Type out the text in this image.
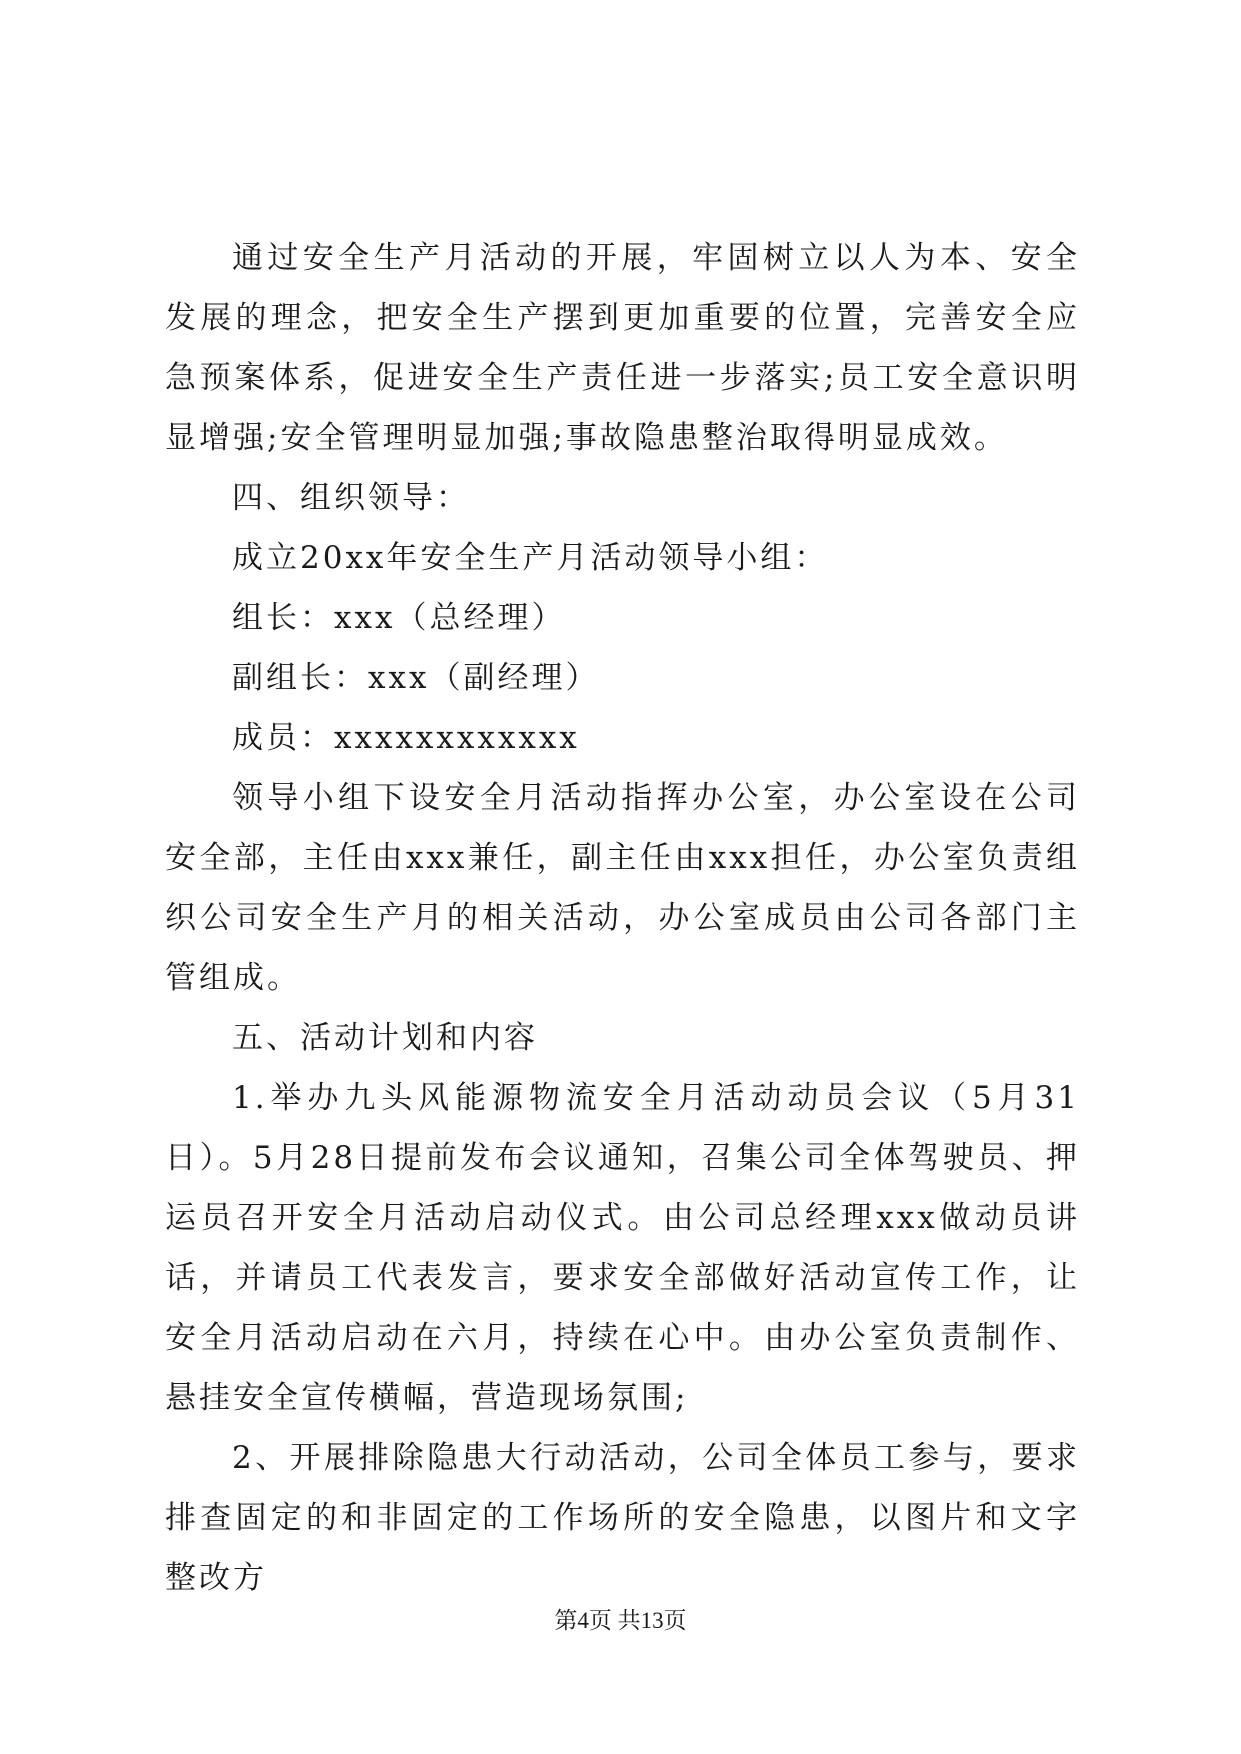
通过安全生产月活动的开展，牢固树立以人为本、安全发展的理念，把安全生产摆到更加重要的位置，完善安全应急预案体系，促进安全生产责任进一步落实;员工安全意识明显增强;安全管理明显加强;事故隐患整治取得明显成效。

四、组织领导：

成立20xx年安全生产月活动领导小组：

组长：xxx（总经理）

副组长：xxx（副经理）

成员：xxxxxxxxxxxx

领导小组下设安全月活动指挥办公室，办公室设在公司安全部，主任由xxx兼任，副主任由xxx担任，办公室负责组织公司安全生产月的相关活动，办公室成员由公司各部门主管组成。

五、活动计划和内容

1.举办九头风能源物流安全月活动动员会议（5月31日）。5月28日提前发布会议通知，召集公司全体驾驶员、押运员召开安全月活动启动仪式。由公司总经理xxx做动员讲话，并请员工代表发言，要求安全部做好活动宣传工作，让安全月活动启动在六月，持续在心中。由办公室负责制作、悬挂安全宣传横幅，营造现场氛围;

2、开展排除隐患大行动活动，公司全体员工参与，要求排查固定的和非固定的工作场所的安全隐患，以图片和文字整改方

第4页 共13页
